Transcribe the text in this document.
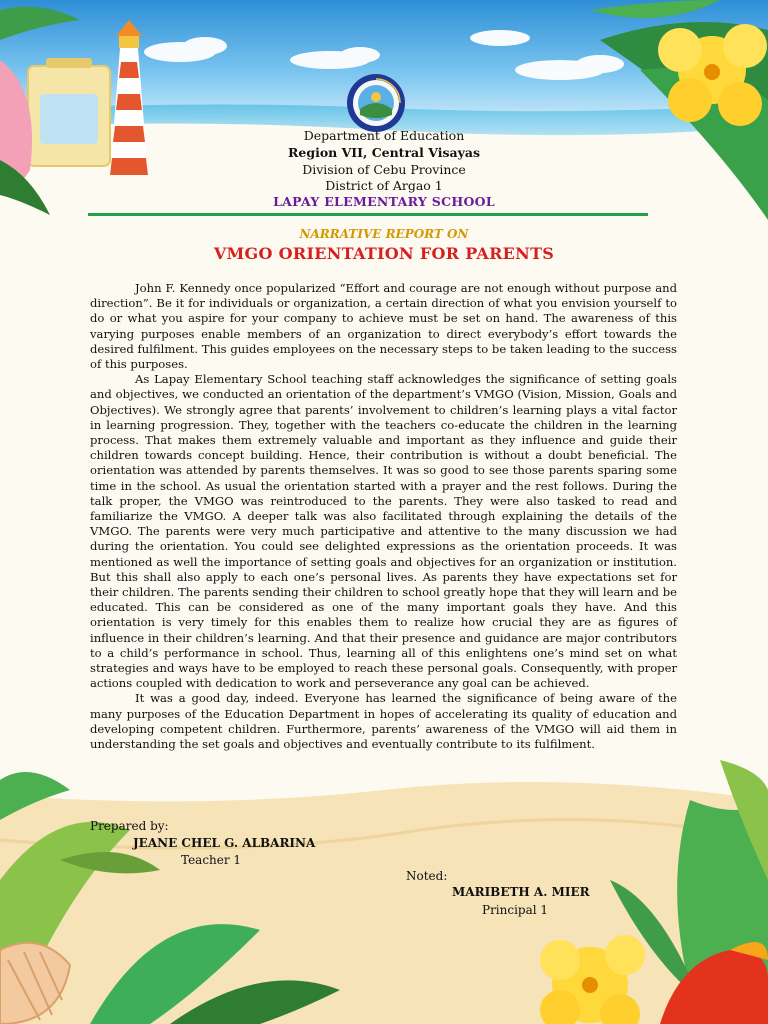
Department of Education
Region VII, Central Visayas
Division of Cebu Province
District of Argao 1
LAPAY ELEMENTARY SCHOOL
NARRATIVE REPORT ON
VMGO ORIENTATION FOR PARENTS

John F. Kennedy once popularized “Effort and courage are not enough without purpose and direction”. Be it for individuals or organization, a certain direction of what you envision yourself to do or what you aspire for your company to achieve must be set on hand. The awareness of this varying purposes enable members of an organization to direct everybody’s effort towards the desired fulfilment. This guides employees on the necessary steps to be taken leading to the success of this purposes.

As Lapay Elementary School teaching staff acknowledges the significance of setting goals and objectives, we conducted an orientation of the department’s VMGO (Vision, Mission, Goals and Objectives). We strongly agree that parents’ involvement to children’s learning plays a vital factor in learning progression. They, together with the teachers co-educate the children in the learning process. That makes them extremely valuable and important as they influence and guide their children towards concept building. Hence, their contribution is without a doubt beneficial. The orientation was attended by parents themselves. It was so good to see those parents sparing some time in the school. As usual the orientation started with a prayer and the rest follows. During the talk proper, the VMGO was reintroduced to the parents. They were also tasked to read and familiarize the VMGO. A deeper talk was also facilitated through explaining the details of the VMGO. The parents were very much participative and attentive to the many discussion we had during the orientation. You could see delighted expressions as the orientation proceeds. It was mentioned as well the importance of setting goals and objectives for an organization or institution. But this shall also apply to each one’s personal lives. As parents they have expectations set for their children. The parents sending their children to school greatly hope that they will learn and be educated. This can be considered as one of the many important goals they have. And this orientation is very timely for this enables them to realize how crucial they are as figures of influence in their children’s learning. And that their presence and guidance are major contributors to a child’s performance in school. Thus, learning all of this enlightens one’s mind set on what strategies and ways have to be employed to reach these personal goals. Consequently, with proper actions coupled with dedication to work and perseverance any goal can be achieved.

It was a good day, indeed. Everyone has learned the significance of being aware of the many purposes of the Education Department in hopes of accelerating its quality of education and developing competent children. Furthermore, parents’ awareness of the VMGO will aid them in understanding the set goals and objectives and eventually contribute to its fulfilment.

Prepared by:
JEANE CHEL G. ALBARINA
Teacher 1
Noted:
MARIBETH A. MIER
Principal 1
